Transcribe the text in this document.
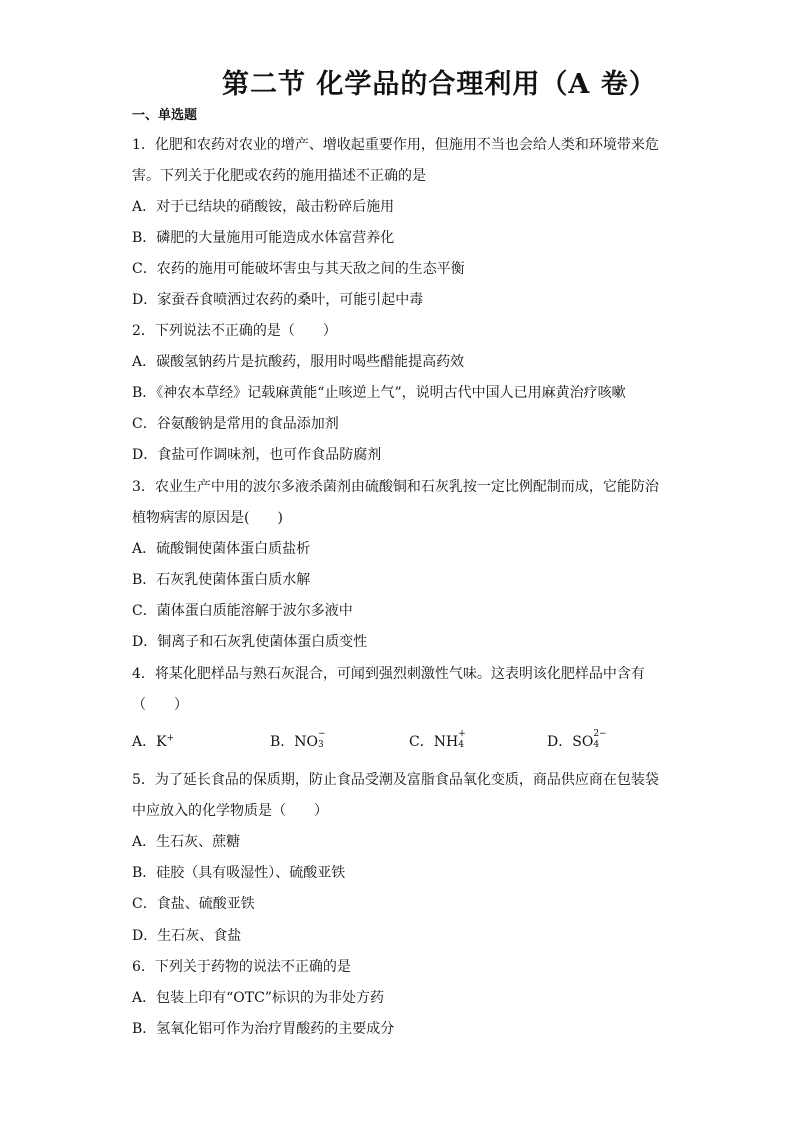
第二节 化学品的合理利用（A 卷）
一、单选题
1．化肥和农药对农业的增产、增收起重要作用，但施用不当也会给人类和环境带来危
害。下列关于化肥或农药的施用描述不正确的是
A．对于已结块的硝酸铵，敲击粉碎后施用
B．磷肥的大量施用可能造成水体富营养化
C．农药的施用可能破坏害虫与其天敌之间的生态平衡
D．家蚕吞食喷洒过农药的桑叶，可能引起中毒
2．下列说法不正确的是（　　）
A．碳酸氢钠药片是抗酸药，服用时喝些醋能提高药效
B．《神农本草经》记载麻黄能“止咳逆上气”，说明古代中国人已用麻黄治疗咳嗽
C．谷氨酸钠是常用的食品添加剂
D．食盐可作调味剂，也可作食品防腐剂
3．农业生产中用的波尔多液杀菌剂由硫酸铜和石灰乳按一定比例配制而成，它能防治
植物病害的原因是(　　)
A．硫酸铜使菌体蛋白质盐析
B．石灰乳使菌体蛋白质水解
C．菌体蛋白质能溶解于波尔多液中
D．铜离子和石灰乳使菌体蛋白质变性
4．将某化肥样品与熟石灰混合，可闻到强烈刺激性气味。这表明该化肥样品中含有
（　　）
A．K+	B．NO −
3	C．NH +
4	D．SO 2−
4
5．为了延长食品的保质期，防止食品受潮及富脂食品氧化变质，商品供应商在包装袋
中应放入的化学物质是（　　）
A．生石灰、蔗糖
B．硅胶（具有吸湿性）、硫酸亚铁
C．食盐、硫酸亚铁
D．生石灰、食盐
6．下列关于药物的说法不正确的是
A．包装上印有“OTC”标识的为非处方药
B．氢氧化铝可作为治疗胃酸药的主要成分
